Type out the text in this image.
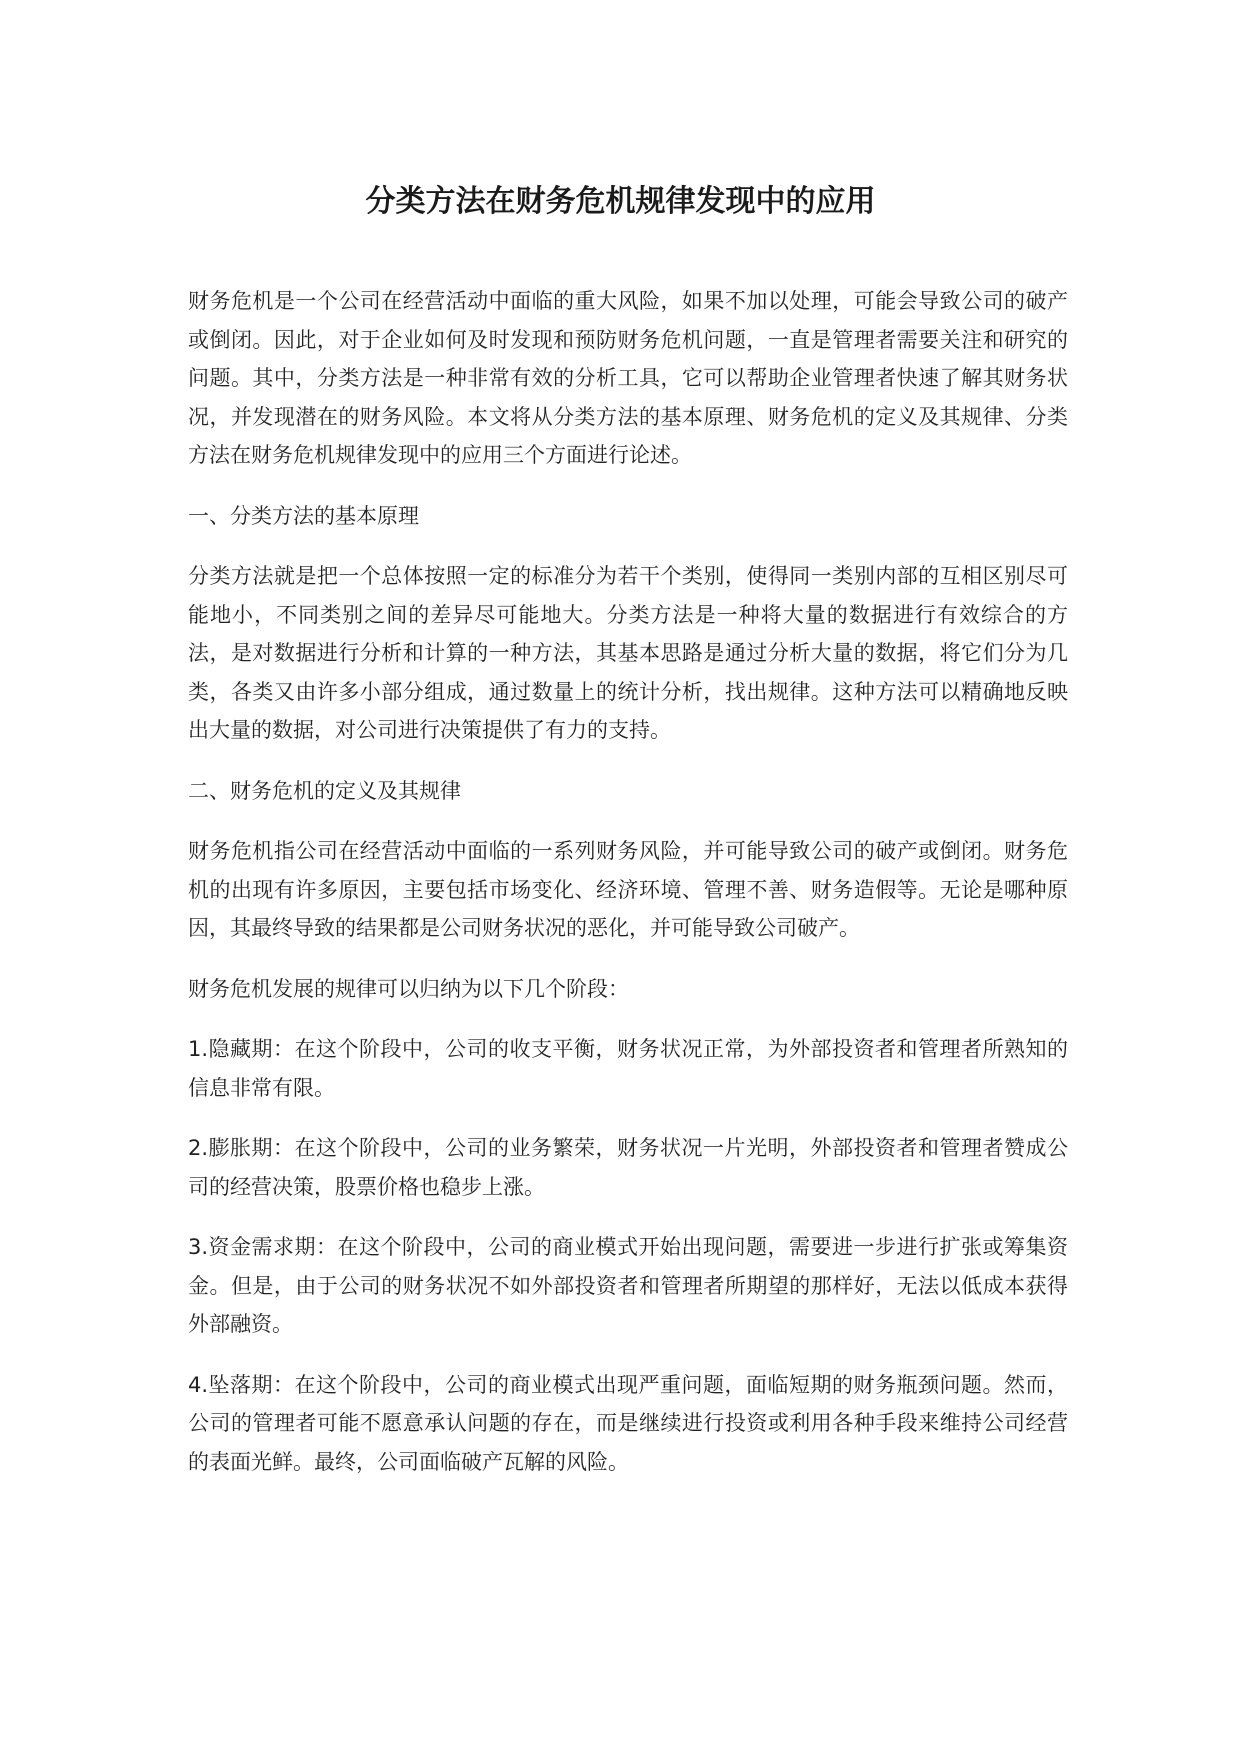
分类方法在财务危机规律发现中的应用

财务危机是一个公司在经营活动中面临的重大风险，如果不加以处理，可能会导致公司的破产或倒闭。因此，对于企业如何及时发现和预防财务危机问题，一直是管理者需要关注和研究的问题。其中，分类方法是一种非常有效的分析工具，它可以帮助企业管理者快速了解其财务状况，并发现潜在的财务风险。本文将从分类方法的基本原理、财务危机的定义及其规律、分类方法在财务危机规律发现中的应用三个方面进行论述。

一、分类方法的基本原理

分类方法就是把一个总体按照一定的标准分为若干个类别，使得同一类别内部的互相区别尽可能地小，不同类别之间的差异尽可能地大。分类方法是一种将大量的数据进行有效综合的方法，是对数据进行分析和计算的一种方法，其基本思路是通过分析大量的数据，将它们分为几类，各类又由许多小部分组成，通过数量上的统计分析，找出规律。这种方法可以精确地反映出大量的数据，对公司进行决策提供了有力的支持。

二、财务危机的定义及其规律

财务危机指公司在经营活动中面临的一系列财务风险，并可能导致公司的破产或倒闭。财务危机的出现有许多原因，主要包括市场变化、经济环境、管理不善、财务造假等。无论是哪种原因，其最终导致的结果都是公司财务状况的恶化，并可能导致公司破产。

财务危机发展的规律可以归纳为以下几个阶段：

1.隐藏期：在这个阶段中，公司的收支平衡，财务状况正常，为外部投资者和管理者所熟知的信息非常有限。

2.膨胀期：在这个阶段中，公司的业务繁荣，财务状况一片光明，外部投资者和管理者赞成公司的经营决策，股票价格也稳步上涨。

3.资金需求期：在这个阶段中，公司的商业模式开始出现问题，需要进一步进行扩张或筹集资金。但是，由于公司的财务状况不如外部投资者和管理者所期望的那样好，无法以低成本获得外部融资。

4.坠落期：在这个阶段中，公司的商业模式出现严重问题，面临短期的财务瓶颈问题。然而，公司的管理者可能不愿意承认问题的存在，而是继续进行投资或利用各种手段来维持公司经营的表面光鲜。最终，公司面临破产瓦解的风险。
